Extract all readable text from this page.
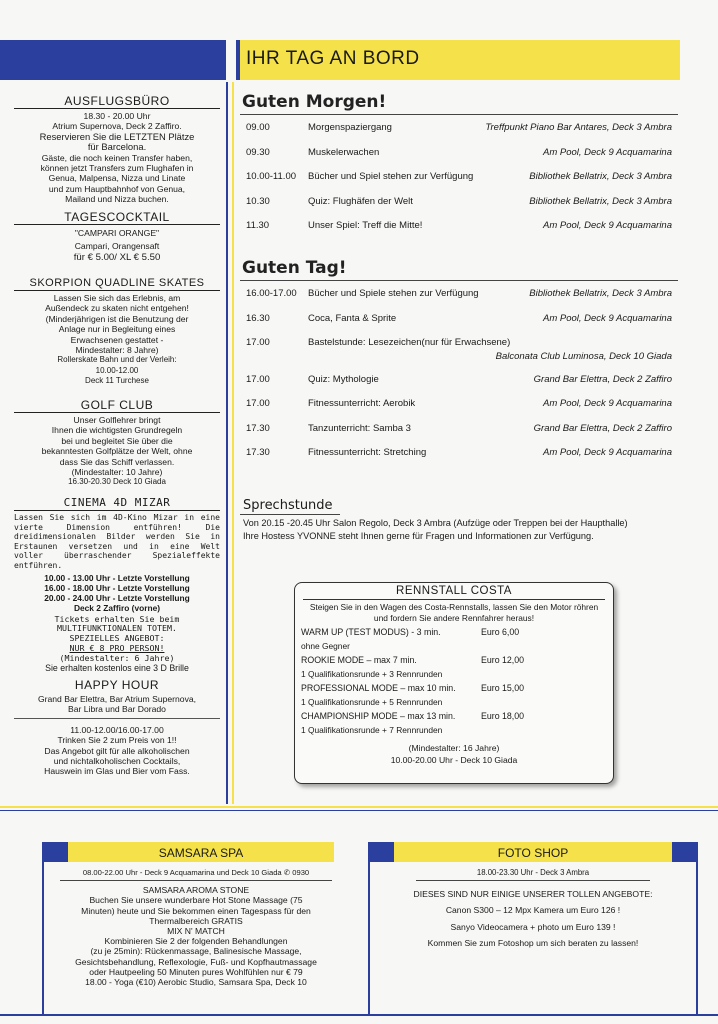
IHR TAG AN BORD
AUSFLUGSBÜRO
18.30 - 20.00 Uhr
Atrium Supernova, Deck 2 Zaffiro.
Reservieren Sie die LETZTEN Plätze
für Barcelona.
Gäste, die noch keinen Transfer haben,
können jetzt Transfers zum Flughafen in
Genua, Malpensa, Nizza und Linate
und zum Hauptbahnhof von Genua,
Mailand und Nizza buchen.
TAGESCOCKTAIL
"CAMPARI ORANGE"
Campari, Orangensaft
für € 5.00/ XL € 5.50
SKORPION QUADLINE SKATES
Lassen Sie sich das Erlebnis, am
Außendeck zu skaten nicht entgehen!
(Minderjährigen ist die Benutzung der
Anlage nur in Begleitung eines
Erwachsenen gestattet -
Mindestalter: 8 Jahre)
Rollerskate Bahn und der Verleih:
10.00-12.00
Deck 11 Turchese
GOLF CLUB
Unser Golflehrer bringt
Ihnen die wichtigsten Grundregeln
bei und begleitet Sie über die
bekanntesten Golfplätze der Welt, ohne
dass Sie das Schiff verlassen.
(Mindestalter: 10 Jahre)
16.30-20.30 Deck 10 Giada
CINEMA 4D MIZAR
Lassen Sie sich im 4D-Kino Mizar in eine vierte Dimension entführen! Die dreidimensionalen Bilder werden Sie in Erstaunen versetzen und in eine Welt voller überraschender Spezialeffekte entführen.
10.00 - 13.00 Uhr - Letzte Vorstellung
16.00 - 18.00 Uhr - Letzte Vorstellung
20.00 - 24.00 Uhr - Letzte Vorstellung
Deck 2 Zaffiro (vorne)
Tickets erhalten Sie beim
MULTIFUNKTIONALEN TOTEM.
SPEZIELLES ANGEBOT:
NUR € 8 PRO PERSON!
(Mindestalter: 6 Jahre)
Sie erhalten kostenlos eine 3 D Brille
HAPPY HOUR
Grand Bar Elettra, Bar Atrium Supernova,
Bar Libra und Bar Dorado
11.00-12.00/16.00-17.00
Trinken Sie 2 zum Preis von 1!!
Das Angebot gilt für alle alkoholischen
und nichtalkoholischen Cocktails,
Hauswein im Glas und Bier vom Fass.
Guten Morgen!
09.00	Morgenspaziergang	Treffpunkt Piano Bar Antares, Deck 3 Ambra
09.30	Muskelerwachen	Am Pool, Deck 9 Acquamarina
10.00-11.00 Bücher und Spiel stehen zur Verfügung	Bibliothek Bellatrix, Deck 3 Ambra
10.30	Quiz: Flughäfen der Welt	Bibliothek Bellatrix, Deck 3 Ambra
11.30	Unser Spiel: Treff die Mitte!	Am Pool, Deck 9 Acquamarina
Guten Tag!
16.00-17.00 Bücher und Spiele stehen zur Verfügung	Bibliothek Bellatrix, Deck 3 Ambra
16.30	Coca, Fanta & Sprite	Am Pool, Deck 9 Acquamarina
17.00	Bastelstunde: Lesezeichen(nur für Erwachsene)
Balconata Club Luminosa, Deck 10 Giada
17.00	Quiz: Mythologie	Grand Bar Elettra, Deck 2 Zaffiro
17.00	Fitnessunterricht: Aerobik	Am Pool, Deck 9 Acquamarina
17.30	Tanzunterricht: Samba 3	Grand Bar Elettra, Deck 2 Zaffiro
17.30	Fitnessunterricht: Stretching	Am Pool, Deck 9 Acquamarina
Sprechstunde
Von 20.15 -20.45 Uhr Salon Regolo, Deck 3 Ambra (Aufzüge oder Treppen bei der Haupthalle)
Ihre Hostess YVONNE steht Ihnen gerne für Fragen und Informationen zur Verfügung.
RENNSTALL COSTA
Steigen Sie in den Wagen des Costa-Rennstalls, lassen Sie den Motor röhren
und fordern Sie andere Rennfahrer heraus!
WARM UP (TEST MODUS) - 3 min.	Euro 6,00
ohne Gegner
ROOKIE MODE – max 7 min.	Euro 12,00
1 Qualifikationsrunde + 3 Rennrunden
PROFESSIONAL MODE – max 10 min.	Euro 15,00
1 Qualifikationsrunde + 5 Rennrunden
CHAMPIONSHIP MODE – max 13 min.	Euro 18,00
1 Qualifikationsrunde + 7 Rennrunden
(Mindestalter: 16 Jahre)
10.00-20.00 Uhr - Deck 10 Giada
SAMSARA SPA
08.00-22.00 Uhr - Deck 9 Acquamarina und Deck 10 Giada ✆ 0930
SAMSARA AROMA STONE
Buchen Sie unsere wunderbare Hot Stone Massage (75
Minuten) heute und Sie bekommen einen Tagespass für den
Thermalbereich GRATIS
MIX N' MATCH
Kombinieren Sie 2 der folgenden Behandlungen
(zu je 25min): Rückenmassage, Balinesische Massage,
Gesichtsbehandlung, Reflexologie, Fuß- und Kopfhautmassage
oder Hautpeeling 50 Minuten pures Wohlfühlen nur € 79
18.00 - Yoga (€10) Aerobic Studio, Samsara Spa, Deck 10
FOTO SHOP
18.00-23.30 Uhr - Deck 3 Ambra
DIESES SIND NUR EINIGE UNSERER TOLLEN ANGEBOTE:
Canon S300 – 12 Mpx Kamera um Euro 126 !
Sanyo Videocamera + photo um Euro 139 !
Kommen Sie zum Fotoshop um sich beraten zu lassen!
